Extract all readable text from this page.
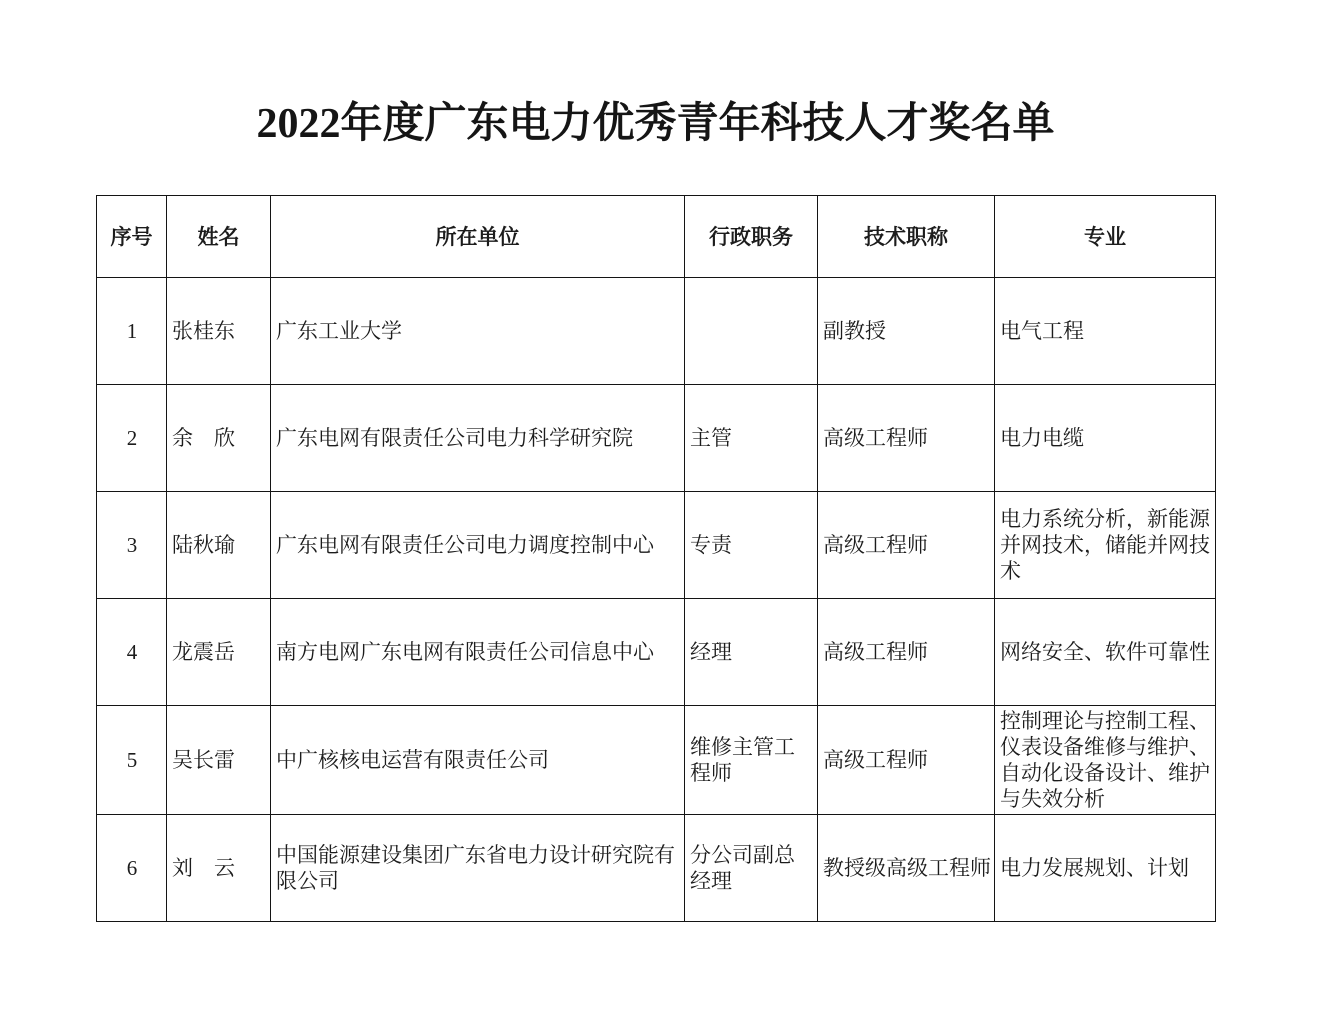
2022年度广东电力优秀青年科技人才奖名单
序号	姓名	所在单位	行政职务	技术职称	专业
1	张桂东	广东工业大学		副教授	电气工程
2	余　欣	广东电网有限责任公司电力科学研究院	主管	高级工程师	电力电缆
3	陆秋瑜	广东电网有限责任公司电力调度控制中心	专责	高级工程师	电力系统分析，新能源并网技术，储能并网技术
4	龙震岳	南方电网广东电网有限责任公司信息中心	经理	高级工程师	网络安全、软件可靠性
5	吴长雷	中广核核电运营有限责任公司	维修主管工程师	高级工程师	控制理论与控制工程、仪表设备维修与维护、自动化设备设计、维护与失效分析
6	刘　云	中国能源建设集团广东省电力设计研究院有限公司	分公司副总经理	教授级高级工程师	电力发展规划、计划
